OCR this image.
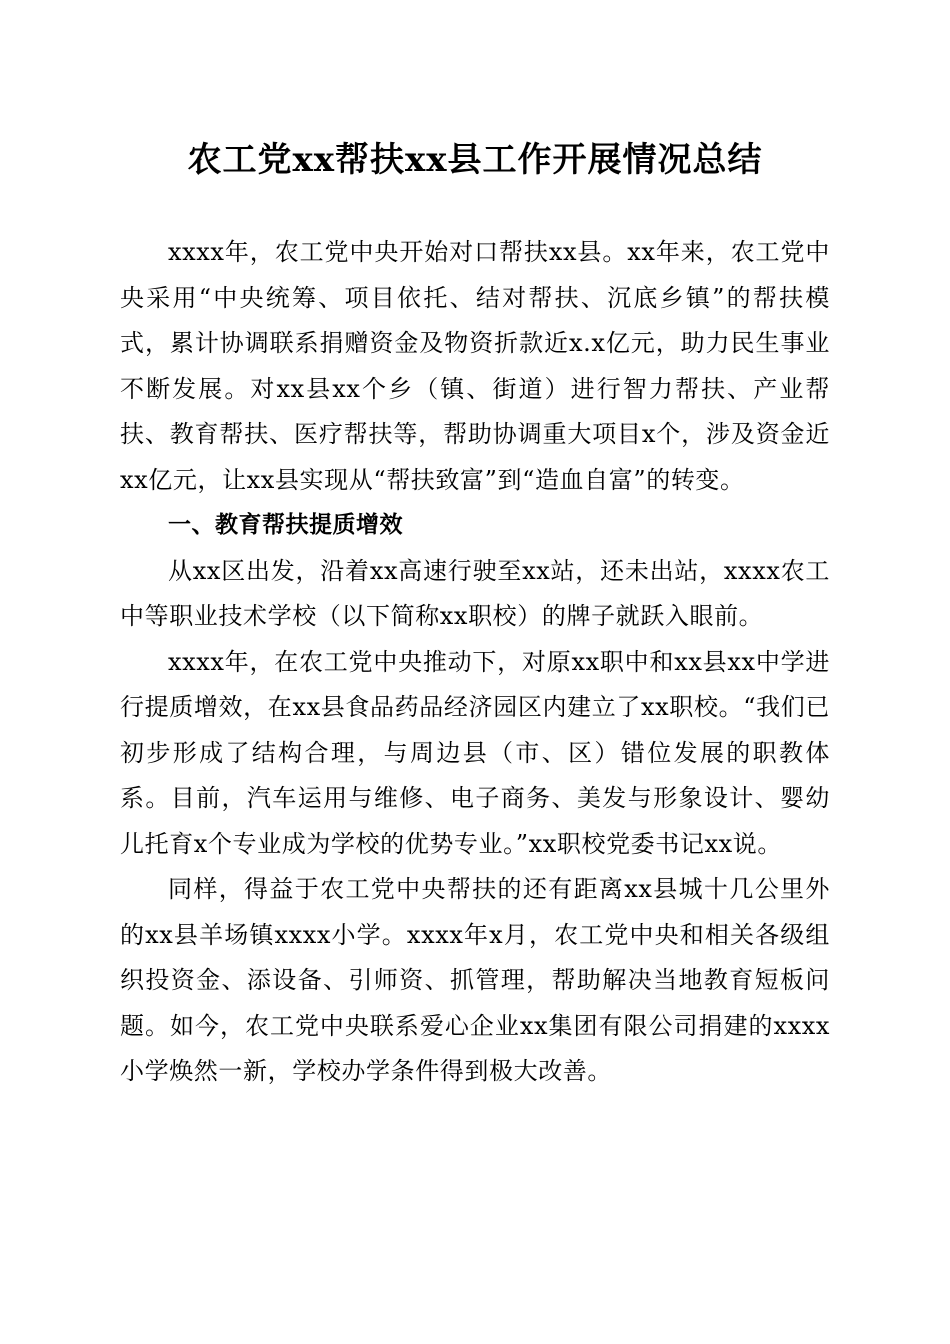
农工党xx帮扶xx县工作开展情况总结

xxxx年，农工党中央开始对口帮扶xx县。xx年来，农工党中央采用“中央统筹、项目依托、结对帮扶、沉底乡镇”的帮扶模式，累计协调联系捐赠资金及物资折款近x.x亿元，助力民生事业不断发展。对xx县xx个乡（镇、街道）进行智力帮扶、产业帮扶、教育帮扶、医疗帮扶等，帮助协调重大项目x个，涉及资金近xx亿元，让xx县实现从“帮扶致富”到“造血自富”的转变。

一、教育帮扶提质增效

从xx区出发，沿着xx高速行驶至xx站，还未出站，xxxx农工中等职业技术学校（以下简称xx职校）的牌子就跃入眼前。

xxxx年，在农工党中央推动下，对原xx职中和xx县xx中学进行提质增效，在xx县食品药品经济园区内建立了xx职校。“我们已初步形成了结构合理，与周边县（市、区）错位发展的职教体系。目前，汽车运用与维修、电子商务、美发与形象设计、婴幼儿托育x个专业成为学校的优势专业。”xx职校党委书记xx说。

同样，得益于农工党中央帮扶的还有距离xx县城十几公里外的xx县羊场镇xxxx小学。xxxx年x月，农工党中央和相关各级组织投资金、添设备、引师资、抓管理，帮助解决当地教育短板问题。如今，农工党中央联系爱心企业xx集团有限公司捐建的xxxx小学焕然一新，学校办学条件得到极大改善。
